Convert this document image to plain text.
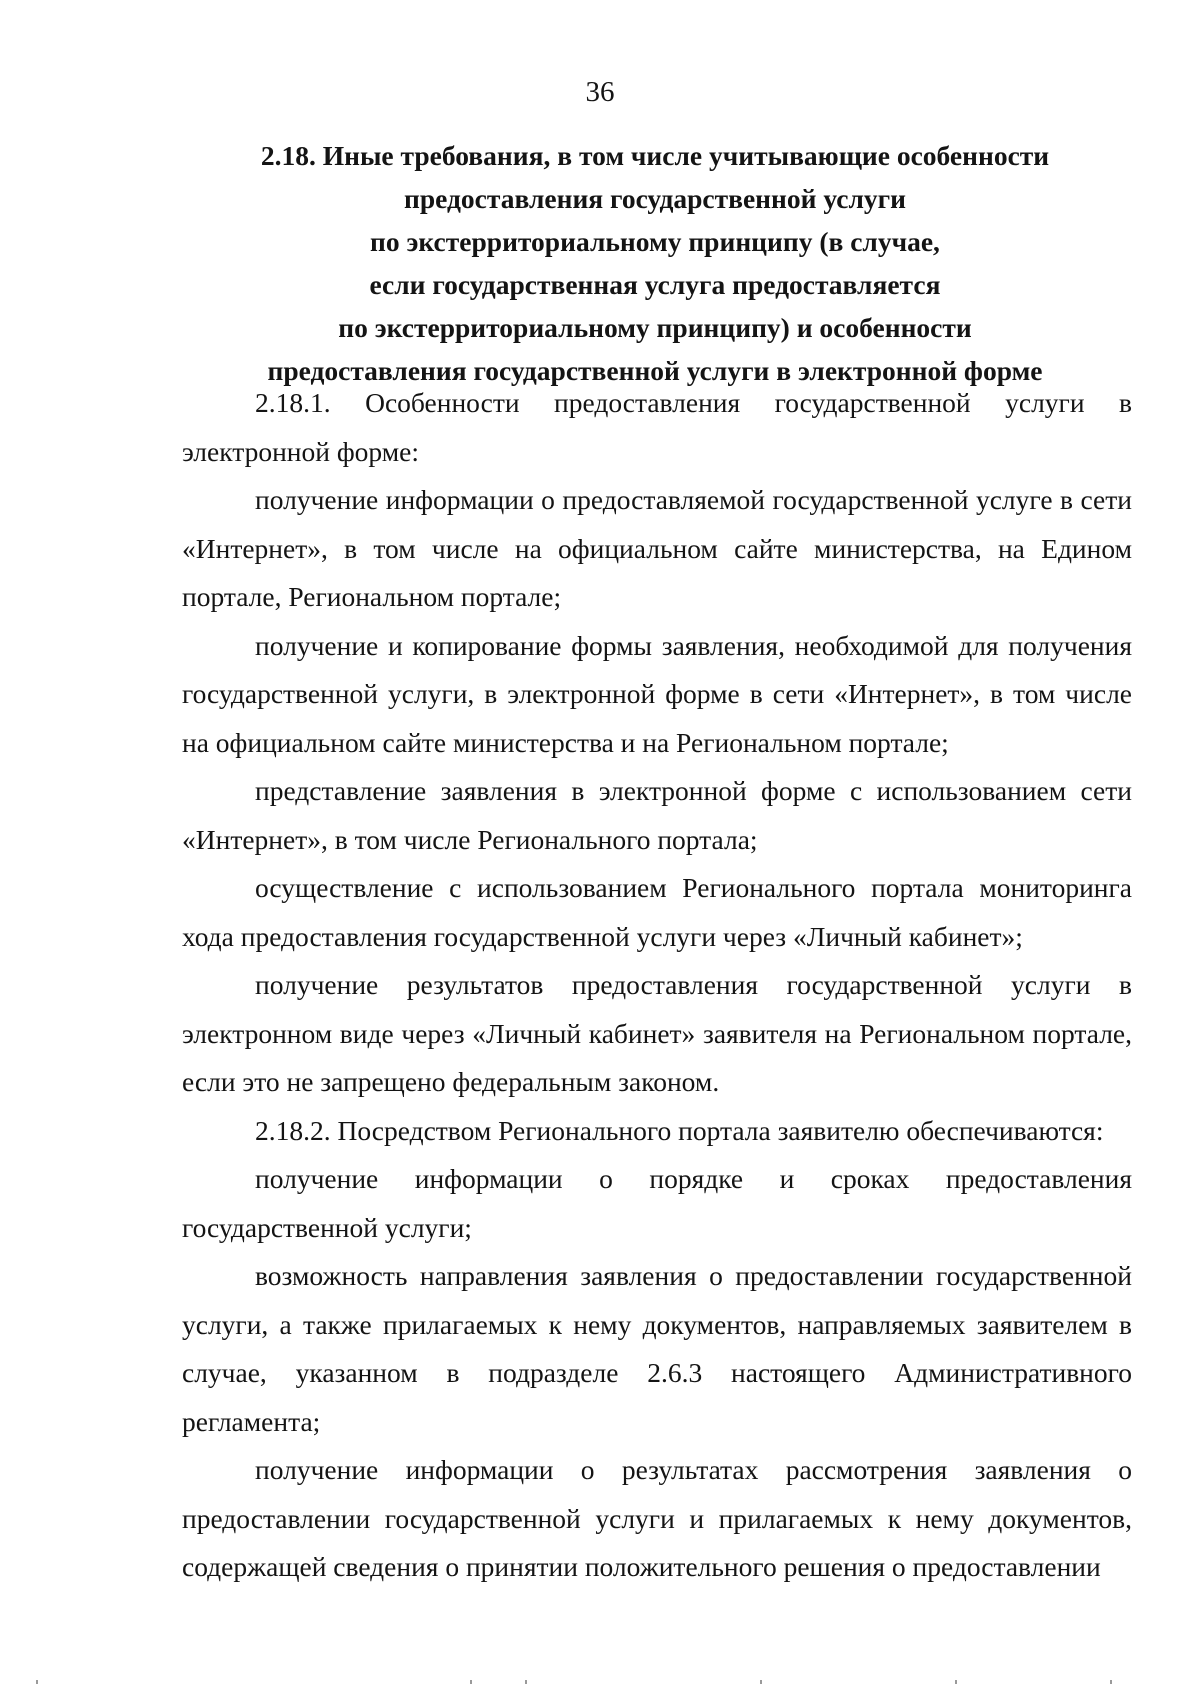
36
2.18. Иные требования, в том числе учитывающие особенности
предоставления государственной услуги
по экстерриториальному принципу (в случае,
если государственная услуга предоставляется
по экстерриториальному принципу) и особенности
предоставления государственной услуги в электронной форме

2.18.1. Особенности предоставления государственной услуги в электронной форме:

получение информации о предоставляемой государственной услуге в сети «Интернет», в том числе на официальном сайте министерства, на Едином портале, Региональном портале;

получение и копирование формы заявления, необходимой для получения государственной услуги, в электронной форме в сети «Интернет», в том числе на официальном сайте министерства и на Региональном портале;

представление заявления в электронной форме с использованием сети «Интернет», в том числе Регионального портала;

осуществление с использованием Регионального портала мониторинга хода предоставления государственной услуги через «Личный кабинет»;

получение результатов предоставления государственной услуги в электронном виде через «Личный кабинет» заявителя на Региональном портале, если это не запрещено федеральным законом.

2.18.2. Посредством Регионального портала заявителю обеспечиваются:

получение информации о порядке и сроках предоставления государственной услуги;

возможность направления заявления о предоставлении государственной услуги, а также прилагаемых к нему документов, направляемых заявителем в случае, указанном в подразделе 2.6.3 настоящего Административного регламента;

получение информации о результатах рассмотрения заявления о предоставлении государственной услуги и прилагаемых к нему документов, содержащей сведения о принятии положительного решения о предоставлении
